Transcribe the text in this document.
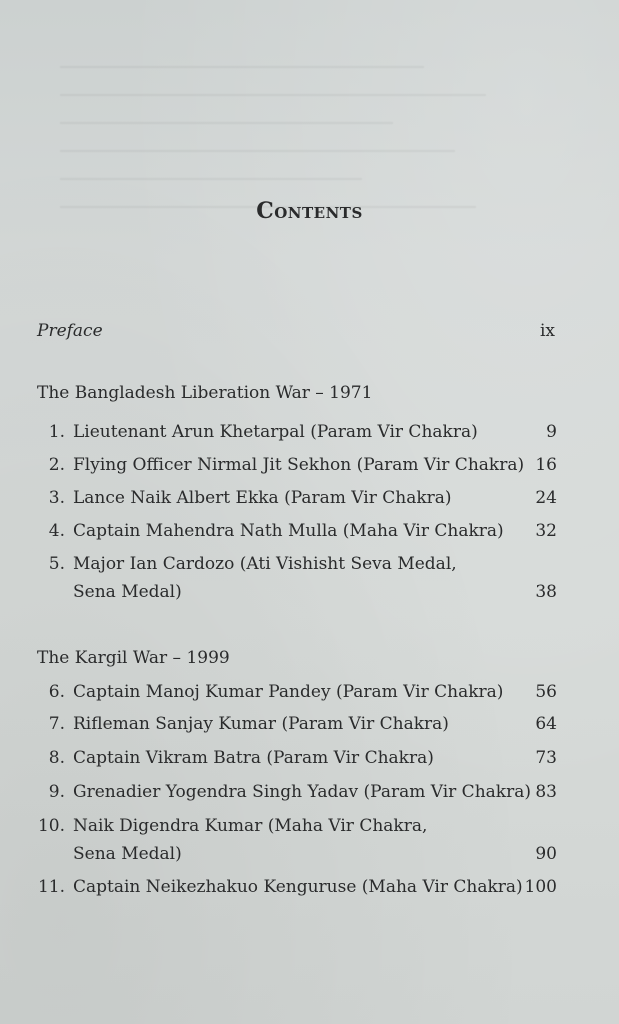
Contents
Preface	ix
The Bangladesh Liberation War – 1971
1. Lieutenant Arun Khetarpal (Param Vir Chakra)	9
2. Flying Officer Nirmal Jit Sekhon (Param Vir Chakra) 16
3. Lance Naik Albert Ekka (Param Vir Chakra)	24
4. Captain Mahendra Nath Mulla (Maha Vir Chakra) 32
5. Major Ian Cardozo (Ati Vishisht Seva Medal,
Sena Medal)	38
The Kargil War – 1999
6. Captain Manoj Kumar Pandey (Param Vir Chakra) 56
7. Rifleman Sanjay Kumar (Param Vir Chakra)	64
8. Captain Vikram Batra (Param Vir Chakra)	73
9. Grenadier Yogendra Singh Yadav (Param Vir Chakra) 83
10. Naik Digendra Kumar (Maha Vir Chakra,
Sena Medal)	90
11. Captain Neikezhakuo Kenguruse (Maha Vir Chakra) 100
